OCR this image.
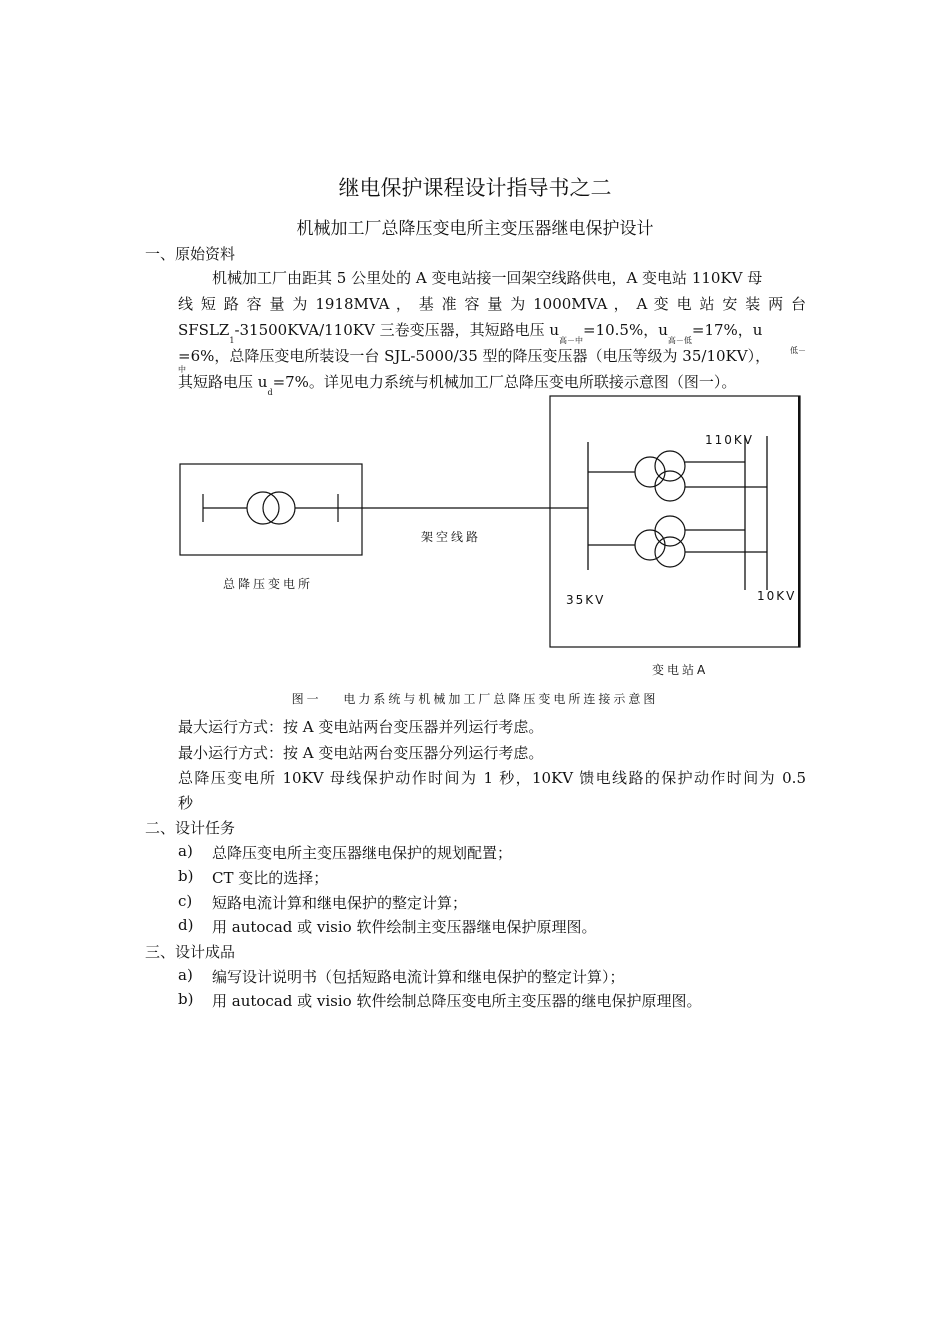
继电保护课程设计指导书之二
机械加工厂总降压变电所主变压器继电保护设计
一、原始资料
机械加工厂由距其 5 公里处的 A 变电站接一回架空线路供电，A 变电站 110KV 母
线 短 路 容 量 为 1918MVA ， 基 准 容 量 为 1000MVA ， A 变 电 站 安 装 两 台
$SFSLZ_1-31500KVA/110KV$ 三卷变压器，其短路电压 $u_{高-中}=10.5\%$，$u_{高-低}=17\%$，u
低－
中
=6%，总降压变电所装设一台 SJL-5000/35 型的降压变压器（电压等级为 35/10KV），
其短路电压 $u_d=7\%$。详见电力系统与机械加工厂总降压变电所联接示意图（图一）。
架空线路
总降压变电所
110KV
35KV	10KV
变电站A
图一　 电力系统与机械加工厂总降压变电所连接示意图
最大运行方式：按 A 变电站两台变压器并列运行考虑。
最小运行方式：按 A 变电站两台变压器分列运行考虑。
总降压变电所 10KV 母线保护动作时间为 1 秒，10KV 馈电线路的保护动作时间为 0.5
秒
二、设计任务
a) 总降压变电所主变压器继电保护的规划配置；
b) CT 变比的选择；
c) 短路电流计算和继电保护的整定计算；
d) 用 autocad 或 visio 软件绘制主变压器继电保护原理图。
三、设计成品
a) 编写设计说明书（包括短路电流计算和继电保护的整定计算）；
b) 用 autocad 或 visio 软件绘制总降压变电所主变压器的继电保护原理图。
